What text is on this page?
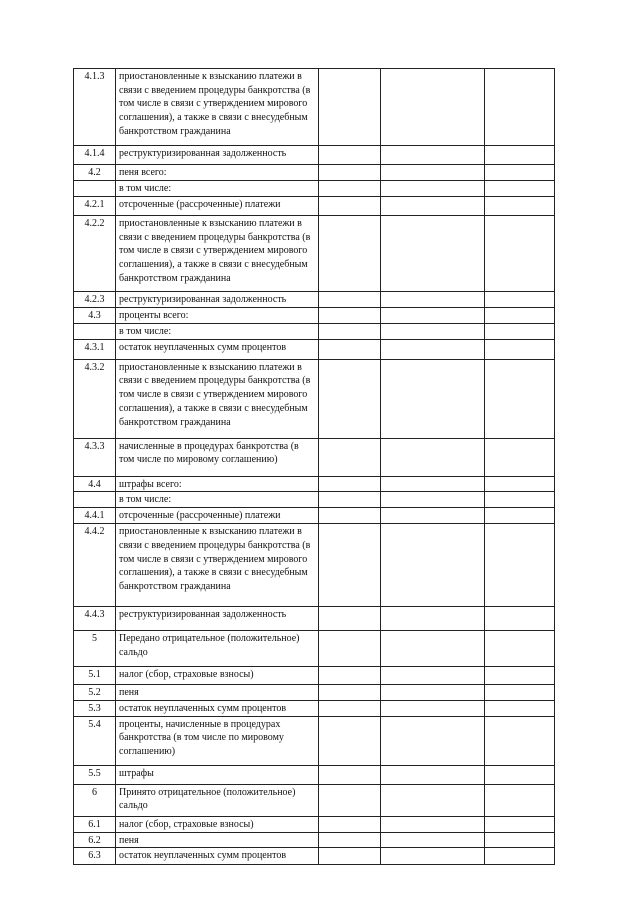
4.1.3	приостановленные к взысканию платежи в связи с введением процедуры банкротства (в том числе в связи с утверждением мирового соглашения), а также в связи с внесудебным банкротством гражданина			
4.1.4	реструктуризированная задолженность			
4.2	пеня всего:			
	в том числе:			
4.2.1	отсроченные (рассроченные) платежи			
4.2.2	приостановленные к взысканию платежи в связи с введением процедуры банкротства (в том числе в связи с утверждением мирового соглашения), а также в связи с внесудебным банкротством гражданина			
4.2.3	реструктуризированная задолженность			
4.3	проценты всего:			
	в том числе:			
4.3.1	остаток неуплаченных сумм процентов			
4.3.2	приостановленные к взысканию платежи в связи с введением процедуры банкротства (в том числе в связи с утверждением мирового соглашения), а также в связи с внесудебным банкротством гражданина			
4.3.3	начисленные в процедурах банкротства (в том числе по мировому соглашению)			
4.4	штрафы всего:			
	в том числе:			
4.4.1	отсроченные (рассроченные) платежи			
4.4.2	приостановленные к взысканию платежи в связи с введением процедуры банкротства (в том числе в связи с утверждением мирового соглашения), а также в связи с внесудебным банкротством гражданина			
4.4.3	реструктуризированная задолженность			
5	Передано отрицательное (положительное) сальдо			
5.1	налог (сбор, страховые взносы)			
5.2	пеня			
5.3	остаток неуплаченных сумм процентов			
5.4	проценты, начисленные в процедурах банкротства (в том числе по мировому соглашению)			
5.5	штрафы			
6	Принято отрицательное (положительное) сальдо			
6.1	налог (сбор, страховые взносы)			
6.2	пеня			
6.3	остаток неуплаченных сумм процентов			
